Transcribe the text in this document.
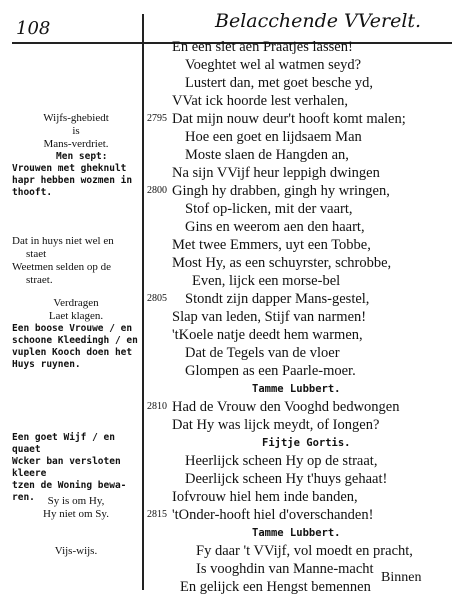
108	Belacchende VVerelt.
En een slet aen Praatjes lassen!
Voeghtet wel al watmen seyd?
Lustert dan, met goet besche yd,
VVat ick hoorde lest verhalen,
Dat mijn nouw deur't hooft komt malen;
Hoe een goet en lijdsaem Man
Moste slaen de Hangden an,
Na sijn VVijf heur leppigh dwingen
Gingh hy drabben, gingh hy wringen,
Stof op-licken, mit der vaart,
Gins en weerom aen den haart,
Met twee Emmers, uyt een Tobbe,
Most Hy, as een schuyrster, schrobbe,
Even, lijck een morse-bel
Stondt zijn dapper Mans-gestel,
Slap van leden, Stijf van narmen!
'tKoele natje deedt hem warmen,
Dat de Tegels van de vloer
Glompen as een Paarle-moer.
Tamme Lubbert.
Had de Vrouw den Vooghd bedwongen
Dat Hy was lijck meydt, of Iongen?
Fijtje Gortis.
Heerlijck scheen Hy op de straat,
Deerlijck scheen Hy t'huys gehaat!
Iofvrouw hiel hem inde banden,
'tOnder-hooft hiel d'overschanden!
Tamme Lubbert.
Fy daar 't VVijf, vol moedt en pracht,
Is vooghdin van Manne-macht
Binnen
2795
2800
2805
2810
2815
Wijfs-ghebiedt
is
Mans-verdriet.
Men sept:
Vrouwen met gheknult
hapr hebben wozmen in
thooft.
Dat in huys niet wel en
staet
Weetmen selden op de
straet.
Verdragen
Laet klagen.
Een boose Vrouwe / en
schoone Kleedingh / en
vuplen Kooch doen het
Huys ruynen.
Een goet Wijf / en quaet
Wcker ban versloten kleere
tzen de Woning bewa-
ren.	Sy is om Hy,
Hy niet om Sy.
Vijs-wijs.
En gelijck een Hengst bemennen
